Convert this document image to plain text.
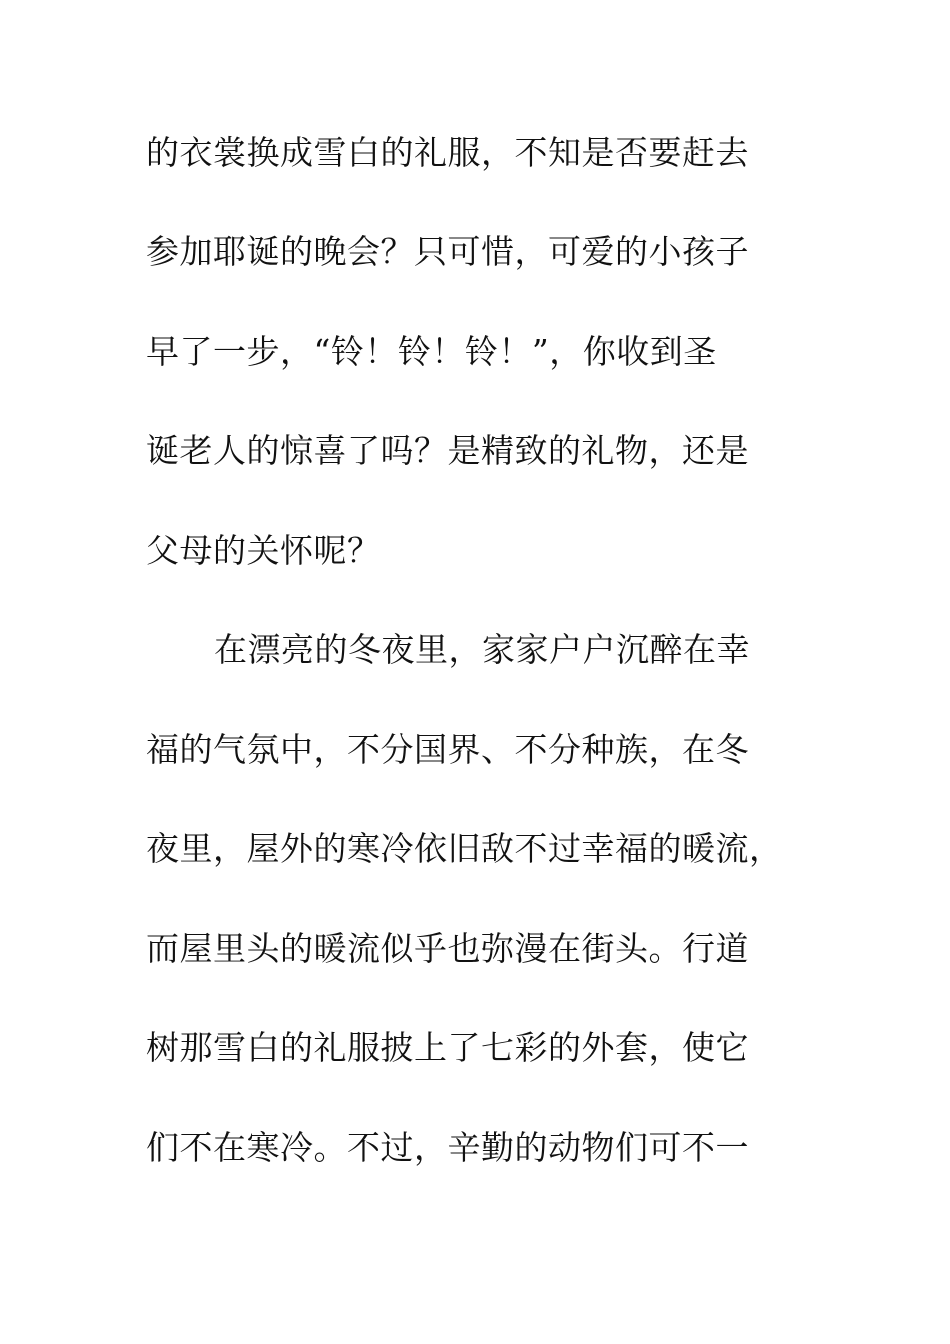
的衣裳换成雪白的礼服，不知是否要赶去
参加耶诞的晚会？只可惜，可爱的小孩子
早了一步，“铃！铃！铃！”，你收到圣
诞老人的惊喜了吗？是精致的礼物，还是
父母的关怀呢？
在漂亮的冬夜里，家家户户沉醉在幸
福的气氛中，不分国界、不分种族，在冬
夜里，屋外的寒冷依旧敌不过幸福的暖流，
而屋里头的暖流似乎也弥漫在街头。行道
树那雪白的礼服披上了七彩的外套，使它
们不在寒冷。不过，辛勤的动物们可不一
